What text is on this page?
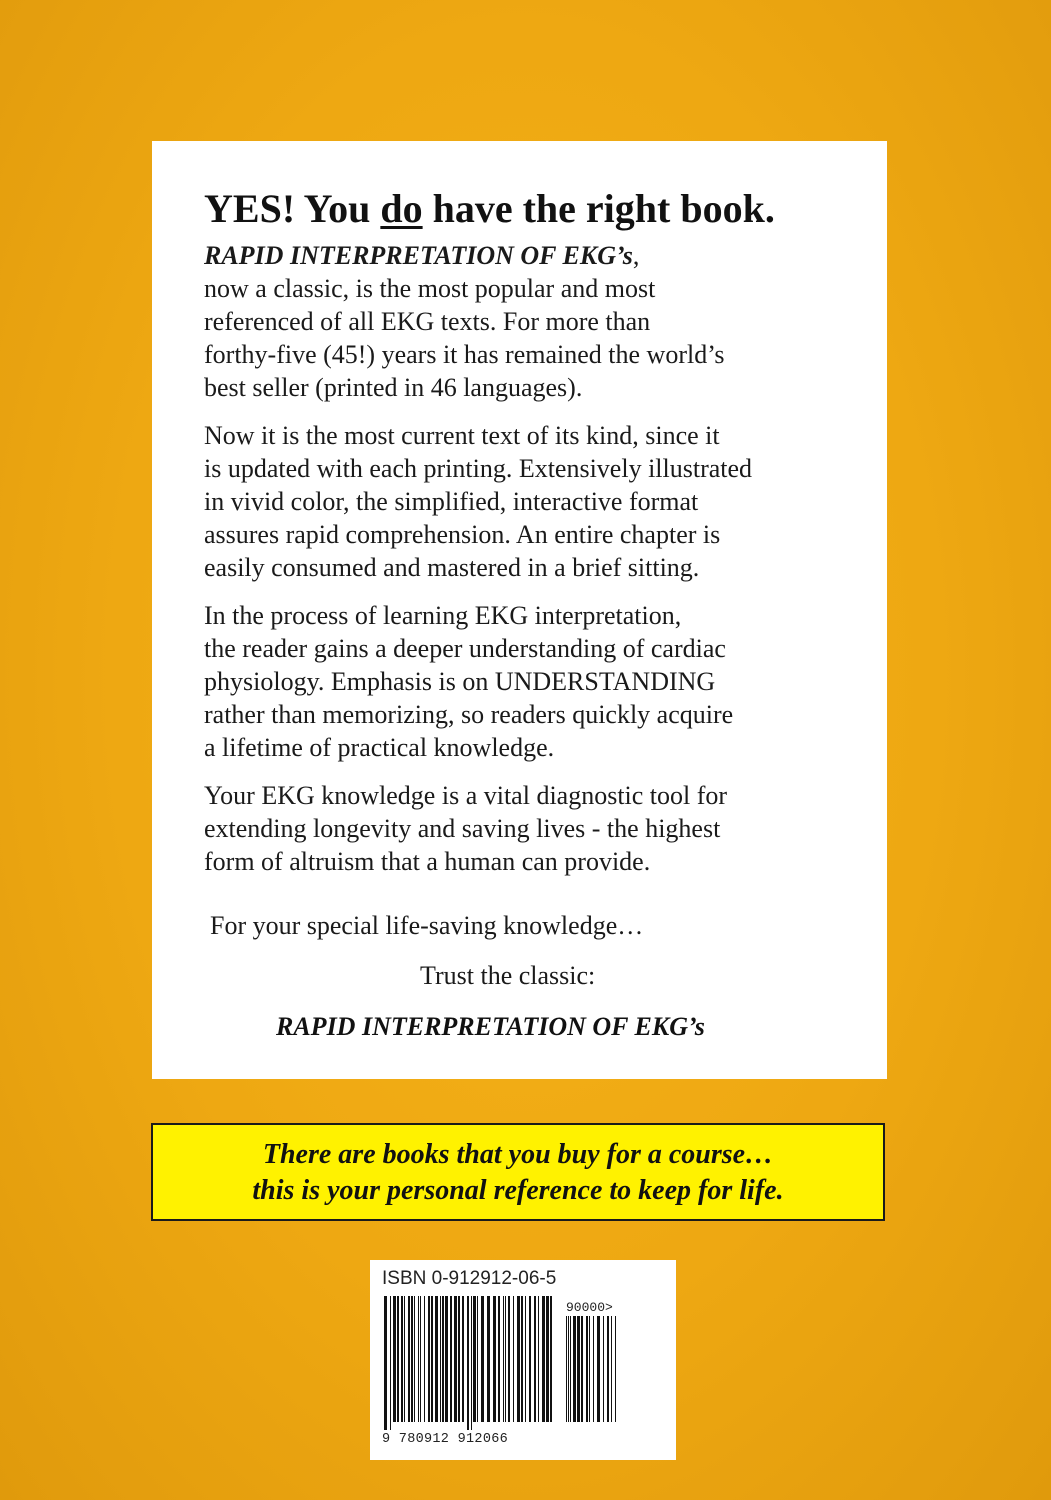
YES! You do have the right book.

RAPID INTERPRETATION OF EKG’s,
now a classic, is the most popular and most
referenced of all EKG texts. For more than
forthy-five (45!) years it has remained the world’s
best seller (printed in 46 languages).

Now it is the most current text of its kind, since it
is updated with each printing. Extensively illustrated
in vivid color, the simplified, interactive format
assures rapid comprehension. An entire chapter is
easily consumed and mastered in a brief sitting.

In the process of learning EKG interpretation,
the reader gains a deeper understanding of cardiac
physiology. Emphasis is on UNDERSTANDING
rather than memorizing, so readers quickly acquire
a lifetime of practical knowledge.

Your EKG knowledge is a vital diagnostic tool for
extending longevity and saving lives - the highest
form of altruism that a human can provide.

For your special life-saving knowledge…
Trust the classic:
RAPID INTERPRETATION OF EKG’s
There are books that you buy for a course…
this is your personal reference to keep for life.
ISBN 0-912912-06-5
90000>
9 780912 912066
